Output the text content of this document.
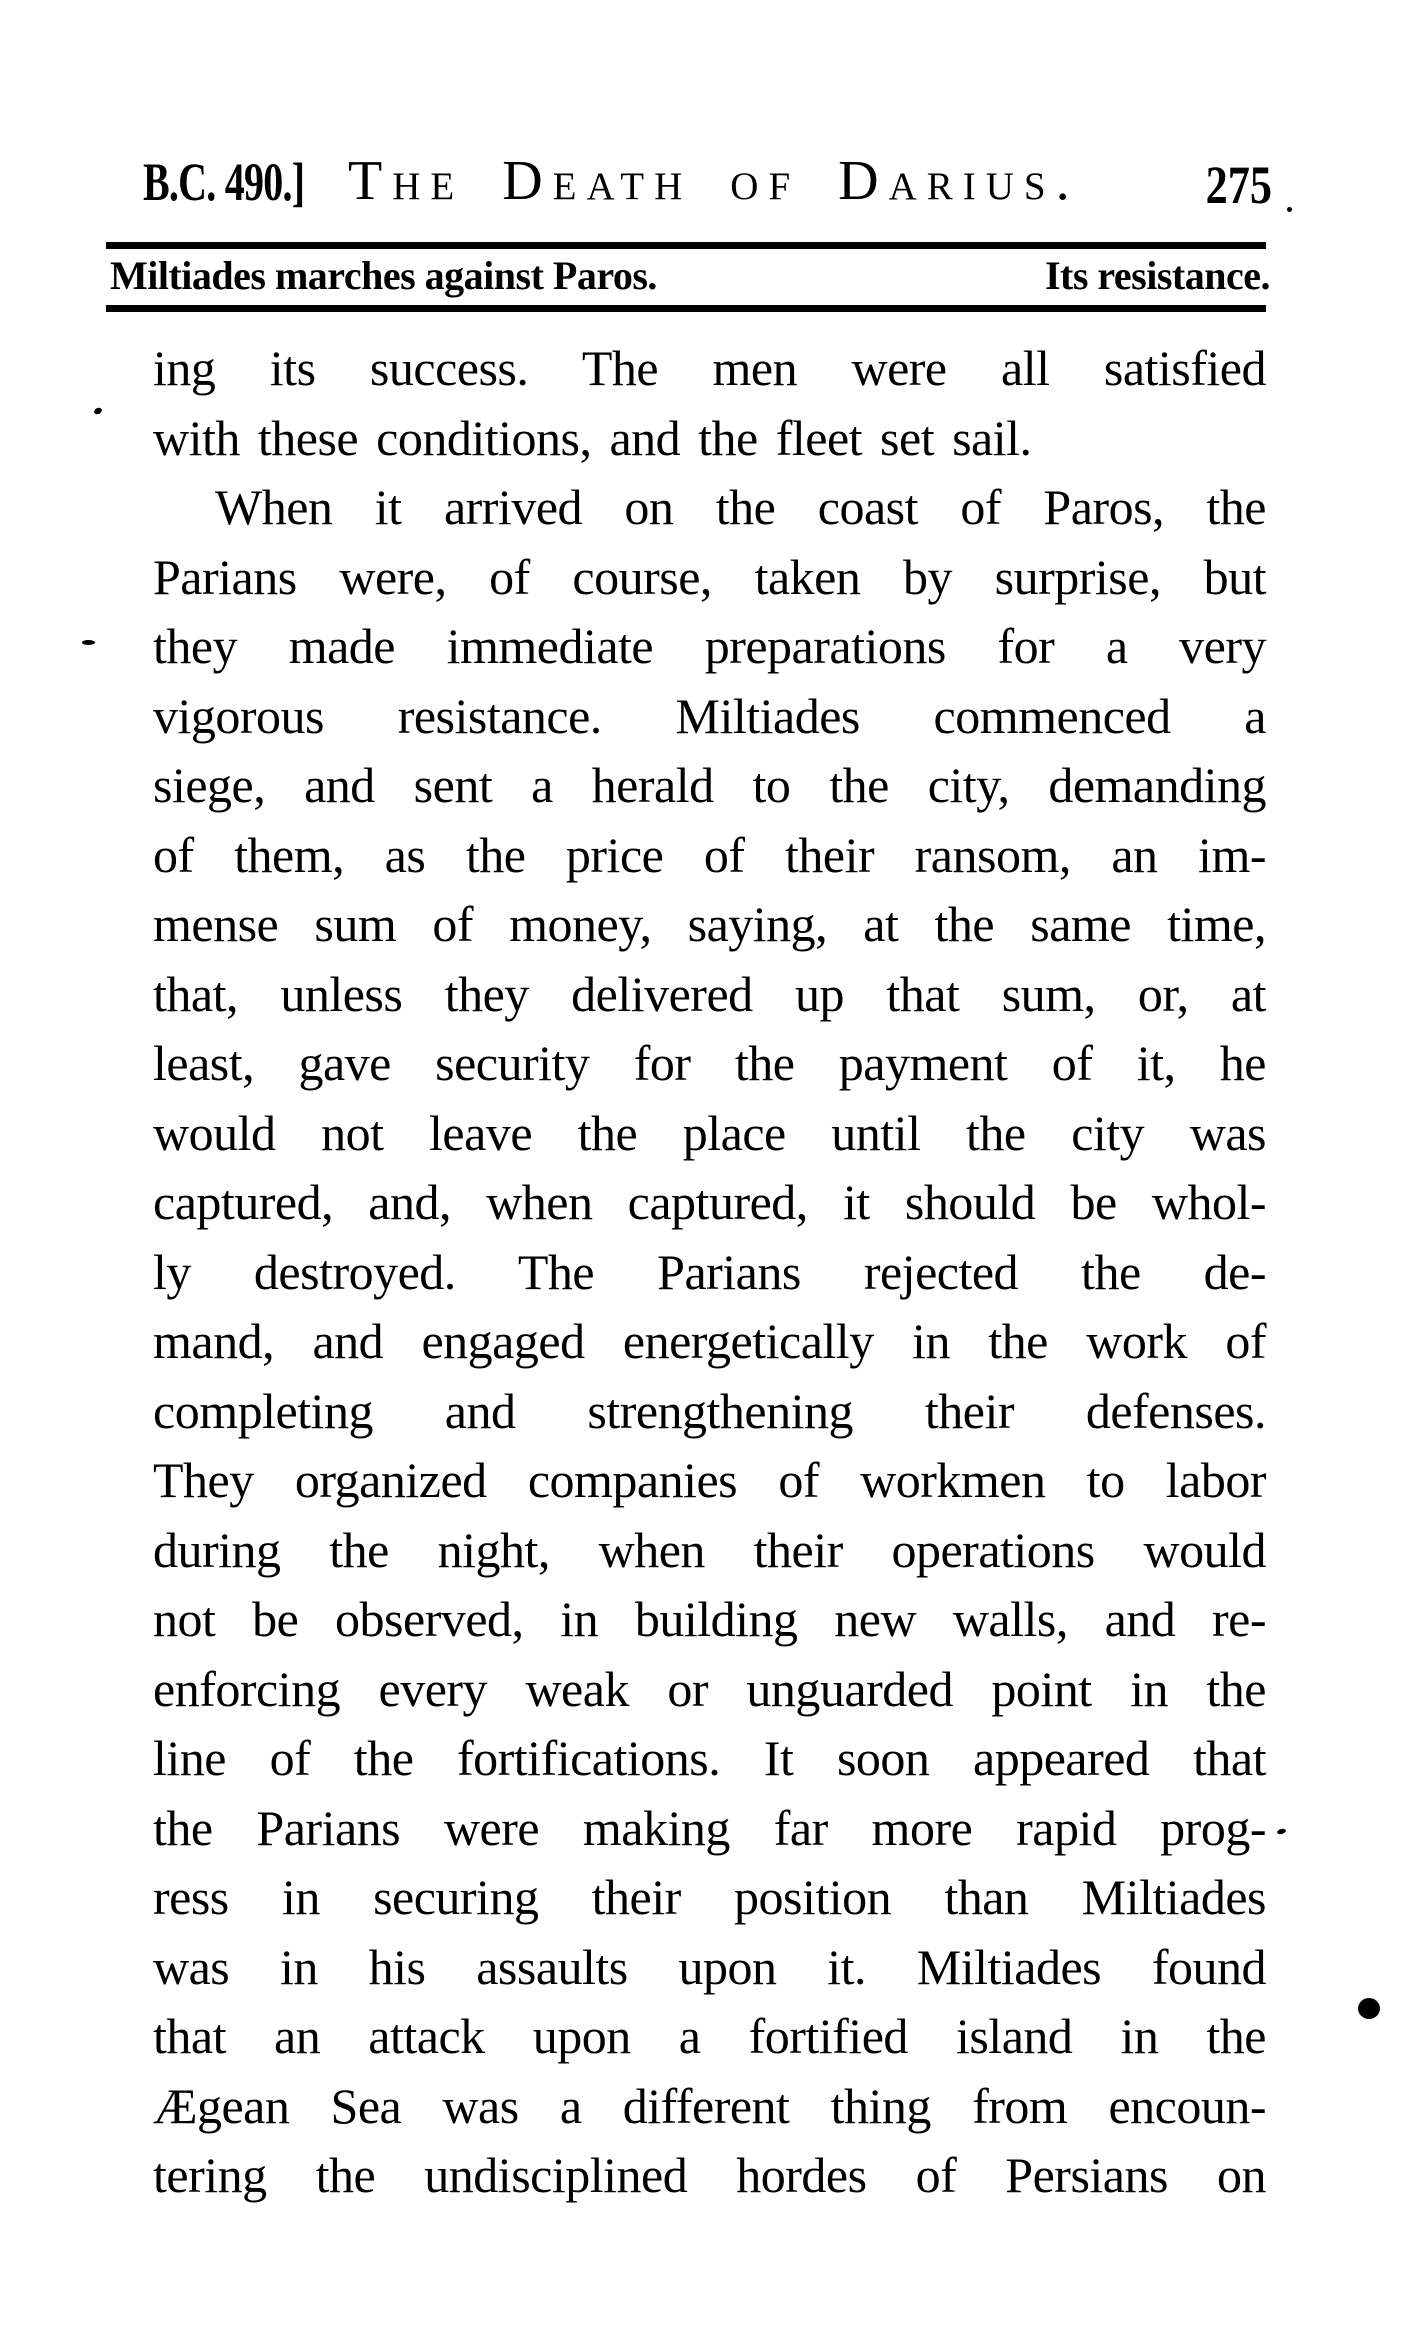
B.C. 490.] The Death of Darius. 275
Miltiades marches against Paros.	Its resistance.
ing its success. The men were all satisfied
with these conditions, and the fleet set sail.
When it arrived on the coast of Paros, the
Parians were, of course, taken by surprise, but
they made immediate preparations for a very
vigorous resistance. Miltiades commenced a
siege, and sent a herald to the city, demanding
of them, as the price of their ransom, an im-
mense sum of money, saying, at the same time,
that, unless they delivered up that sum, or, at
least, gave security for the payment of it, he
would not leave the place until the city was
captured, and, when captured, it should be whol-
ly destroyed. The Parians rejected the de-
mand, and engaged energetically in the work of
completing and strengthening their defenses.
They organized companies of workmen to labor
during the night, when their operations would
not be observed, in building new walls, and re-
enforcing every weak or unguarded point in the
line of the fortifications. It soon appeared that
the Parians were making far more rapid prog-
ress in securing their position than Miltiades
was in his assaults upon it. Miltiades found
that an attack upon a fortified island in the
Ægean Sea was a different thing from encoun-
tering the undisciplined hordes of Persians on
